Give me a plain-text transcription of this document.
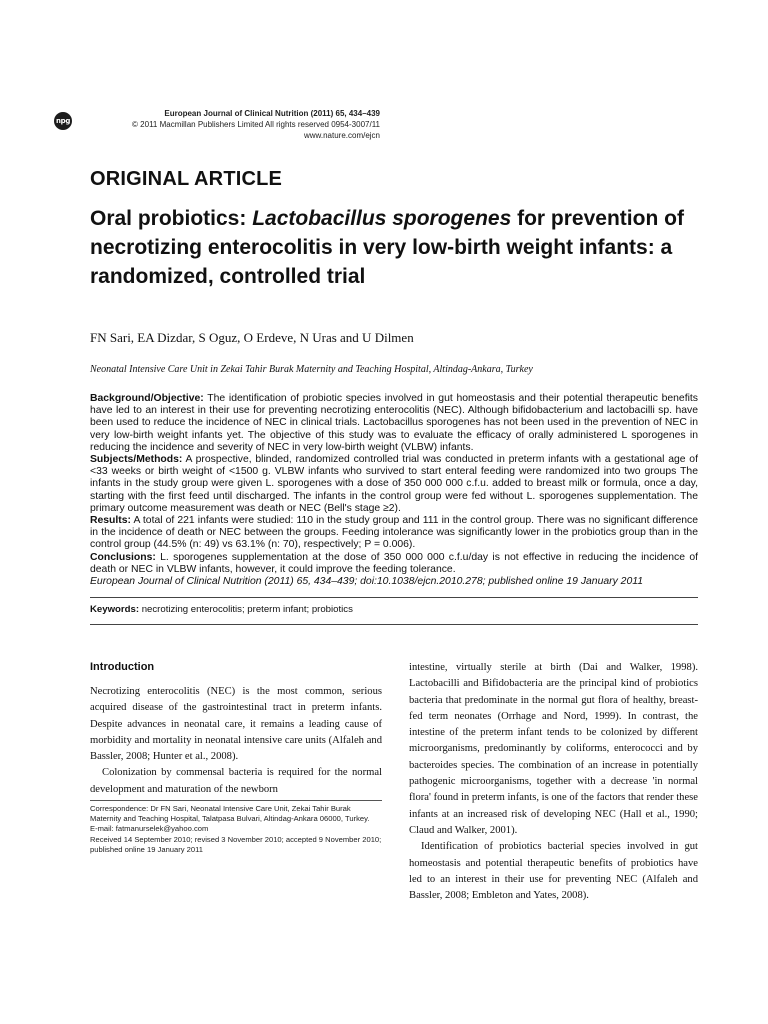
npg
European Journal of Clinical Nutrition (2011) 65, 434–439
© 2011 Macmillan Publishers Limited All rights reserved 0954-3007/11
www.nature.com/ejcn
ORIGINAL ARTICLE
Oral probiotics: Lactobacillus sporogenes for prevention of necrotizing enterocolitis in very low-birth weight infants: a randomized, controlled trial
FN Sari, EA Dizdar, S Oguz, O Erdeve, N Uras and U Dilmen
Neonatal Intensive Care Unit in Zekai Tahir Burak Maternity and Teaching Hospital, Altindag-Ankara, Turkey

Background/Objective: The identification of probiotic species involved in gut homeostasis and their potential therapeutic benefits have led to an interest in their use for preventing necrotizing enterocolitis (NEC). Although bifidobacterium and lactobacilli sp. have been used to reduce the incidence of NEC in clinical trials. Lactobacillus sporogenes has not been used in the prevention of NEC in very low-birth weight infants yet. The objective of this study was to evaluate the efficacy of orally administered L sporogenes in reducing the incidence and severity of NEC in very low-birth weight (VLBW) infants.

Subjects/Methods: A prospective, blinded, randomized controlled trial was conducted in preterm infants with a gestational age of <33 weeks or birth weight of <1500 g. VLBW infants who survived to start enteral feeding were randomized into two groups The infants in the study group were given L. sporogenes with a dose of 350 000 000 c.f.u. added to breast milk or formula, once a day, starting with the first feed until discharged. The infants in the control group were fed without L. sporogenes supplementation. The primary outcome measurement was death or NEC (Bell's stage ≥2).

Results: A total of 221 infants were studied: 110 in the study group and 111 in the control group. There was no significant difference in the incidence of death or NEC between the groups. Feeding intolerance was significantly lower in the probiotics group than in the control group (44.5% (n: 49) vs 63.1% (n: 70), respectively; P = 0.006).

Conclusions: L. sporogenes supplementation at the dose of 350 000 000 c.f.u/day is not effective in reducing the incidence of death or NEC in VLBW infants, however, it could improve the feeding tolerance.

European Journal of Clinical Nutrition (2011) 65, 434–439; doi:10.1038/ejcn.2010.278; published online 19 January 2011

Keywords: necrotizing enterocolitis; preterm infant; probiotics
Introduction

Necrotizing enterocolitis (NEC) is the most common, serious acquired disease of the gastrointestinal tract in preterm infants. Despite advances in neonatal care, it remains a leading cause of morbidity and mortality in neonatal intensive care units (Alfaleh and Bassler, 2008; Hunter et al., 2008).

Colonization by commensal bacteria is required for the normal development and maturation of the newborn

Correspondence: Dr FN Sari, Neonatal Intensive Care Unit, Zekai Tahir Burak Maternity and Teaching Hospital, Talatpasa Bulvari, Altindag-Ankara 06000, Turkey.
E-mail: fatmanurselek@yahoo.com
Received 14 September 2010; revised 3 November 2010; accepted 9 November 2010; published online 19 January 2011

intestine, virtually sterile at birth (Dai and Walker, 1998). Lactobacilli and Bifidobacteria are the principal kind of probiotics bacteria that predominate in the normal gut flora of healthy, breast-fed term neonates (Orrhage and Nord, 1999). In contrast, the intestine of the preterm infant tends to be colonized by different microorganisms, predominantly by coliforms, enterococci and by bacteroides species. The combination of an increase in potentially pathogenic microorganisms, together with a decrease 'in normal flora' found in preterm infants, is one of the factors that render these infants at an increased risk of developing NEC (Hall et al., 1990; Claud and Walker, 2001).

Identification of probiotics bacterial species involved in gut homeostasis and potential therapeutic benefits of probiotics have led to an interest in their use for preventing NEC (Alfaleh and Bassler, 2008; Embleton and Yates, 2008).
